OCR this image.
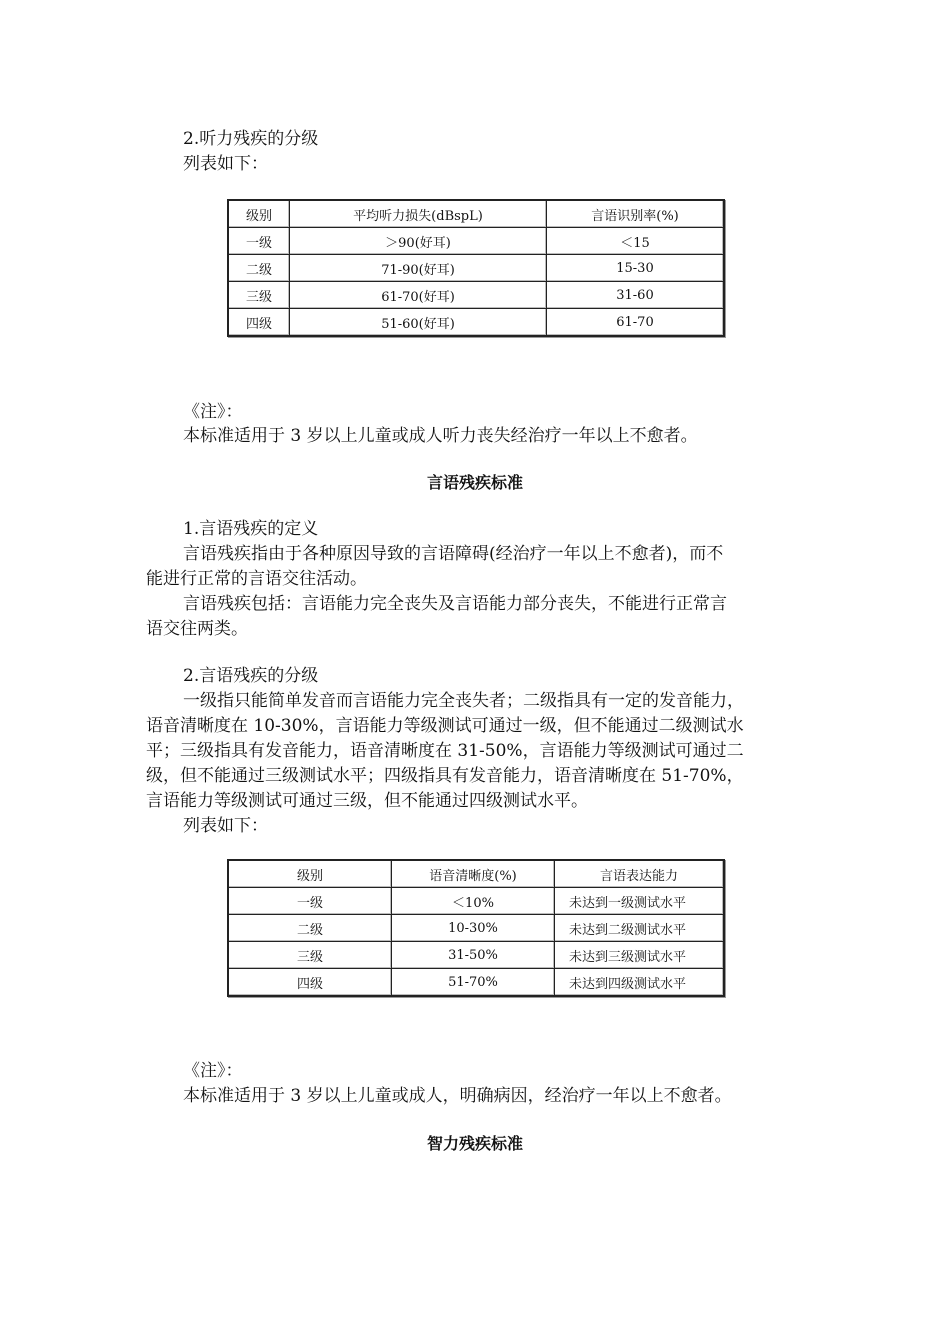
2.听力残疾的分级
列表如下：
级别	平均听力损失(dBspL)	言语识别率(%)
一级	＞90(好耳)	＜15
二级	71-90(好耳)	15-30
三级	61-70(好耳)	31-60
四级	51-60(好耳)	61-70
《注》：
本标准适用于 3 岁以上儿童或成人听力丧失经治疗一年以上不愈者。
言语残疾标准
1.言语残疾的定义
言语残疾指由于各种原因导致的言语障碍(经治疗一年以上不愈者)，而不
能进行正常的言语交往活动。
言语残疾包括：言语能力完全丧失及言语能力部分丧失，不能进行正常言
语交往两类。
2.言语残疾的分级
一级指只能简单发音而言语能力完全丧失者；二级指具有一定的发音能力，
语音清晰度在 10-30%，言语能力等级测试可通过一级，但不能通过二级测试水
平；三级指具有发音能力，语音清晰度在 31-50%，言语能力等级测试可通过二
级，但不能通过三级测试水平；四级指具有发音能力，语音清晰度在 51-70%，
言语能力等级测试可通过三级，但不能通过四级测试水平。
列表如下：
级别	语音清晰度(%)	言语表达能力
一级	＜10%	未达到一级测试水平
二级	10-30%	未达到二级测试水平
三级	31-50%	未达到三级测试水平
四级	51-70%	未达到四级测试水平
《注》：
本标准适用于 3 岁以上儿童或成人，明确病因，经治疗一年以上不愈者。
智力残疾标准
